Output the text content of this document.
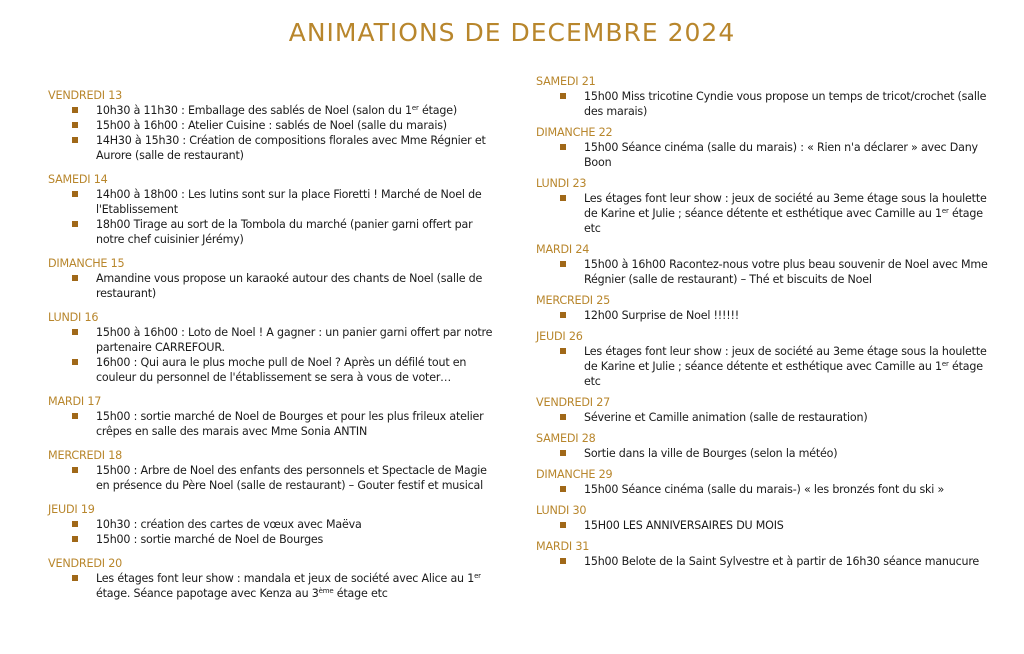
ANIMATIONS DE DECEMBRE 2024
VENDREDI 13
10h30 à 11h30 : Emballage des sablés de Noel (salon du 1er étage)
15h00 à 16h00 : Atelier Cuisine : sablés de Noel (salle du marais)
14H30 à 15h30 : Création de compositions florales avec Mme Régnier et Aurore (salle de restaurant)
SAMEDI 14
14h00 à 18h00 : Les lutins sont sur la place Fioretti ! Marché de Noel de l'Etablissement
18h00 Tirage au sort de la Tombola du marché (panier garni offert par notre chef cuisinier Jérémy)
DIMANCHE 15
Amandine vous propose un karaoké autour des chants de Noel (salle de restaurant)
LUNDI 16
15h00 à 16h00 : Loto de Noel ! A gagner : un panier garni offert par notre partenaire CARREFOUR.
16h00 : Qui aura le plus moche pull de Noel ? Après un défilé tout en couleur du personnel de l'établissement se sera à vous de voter…
MARDI 17
15h00 : sortie marché de Noel de Bourges et pour les plus frileux atelier crêpes en salle des marais avec Mme Sonia ANTIN
MERCREDI 18
15h00 : Arbre de Noel des enfants des personnels et Spectacle de Magie en présence du Père Noel (salle de restaurant) – Gouter festif et musical
JEUDI 19
10h30 : création des cartes de vœux avec Maëva
15h00 : sortie marché de Noel de Bourges
VENDREDI 20
Les étages font leur show : mandala et jeux de société avec Alice au 1er étage. Séance papotage avec Kenza au 3ème étage etc
SAMEDI 21
15h00 Miss tricotine Cyndie vous propose un temps de tricot/crochet (salle des marais)
DIMANCHE 22
15h00 Séance cinéma (salle du marais) : « Rien n'a déclarer » avec Dany Boon
LUNDI 23
Les étages font leur show : jeux de société au 3eme étage sous la houlette de Karine et Julie ; séance détente et esthétique avec Camille au 1er étage etc
MARDI 24
15h00 à 16h00 Racontez-nous votre plus beau souvenir de Noel avec Mme Régnier (salle de restaurant) – Thé et biscuits de Noel
MERCREDI 25
12h00 Surprise de Noel !!!!!!
JEUDI 26
Les étages font leur show : jeux de société au 3eme étage sous la houlette de Karine et Julie ; séance détente et esthétique avec Camille au 1er étage etc
VENDREDI 27
Séverine et Camille animation (salle de restauration)
SAMEDI 28
Sortie dans la ville de Bourges (selon la météo)
DIMANCHE 29
15h00 Séance cinéma (salle du marais-) « les bronzés font du ski »
LUNDI 30
15H00 LES ANNIVERSAIRES DU MOIS
MARDI 31
15h00 Belote de la Saint Sylvestre et à partir de 16h30 séance manucure
